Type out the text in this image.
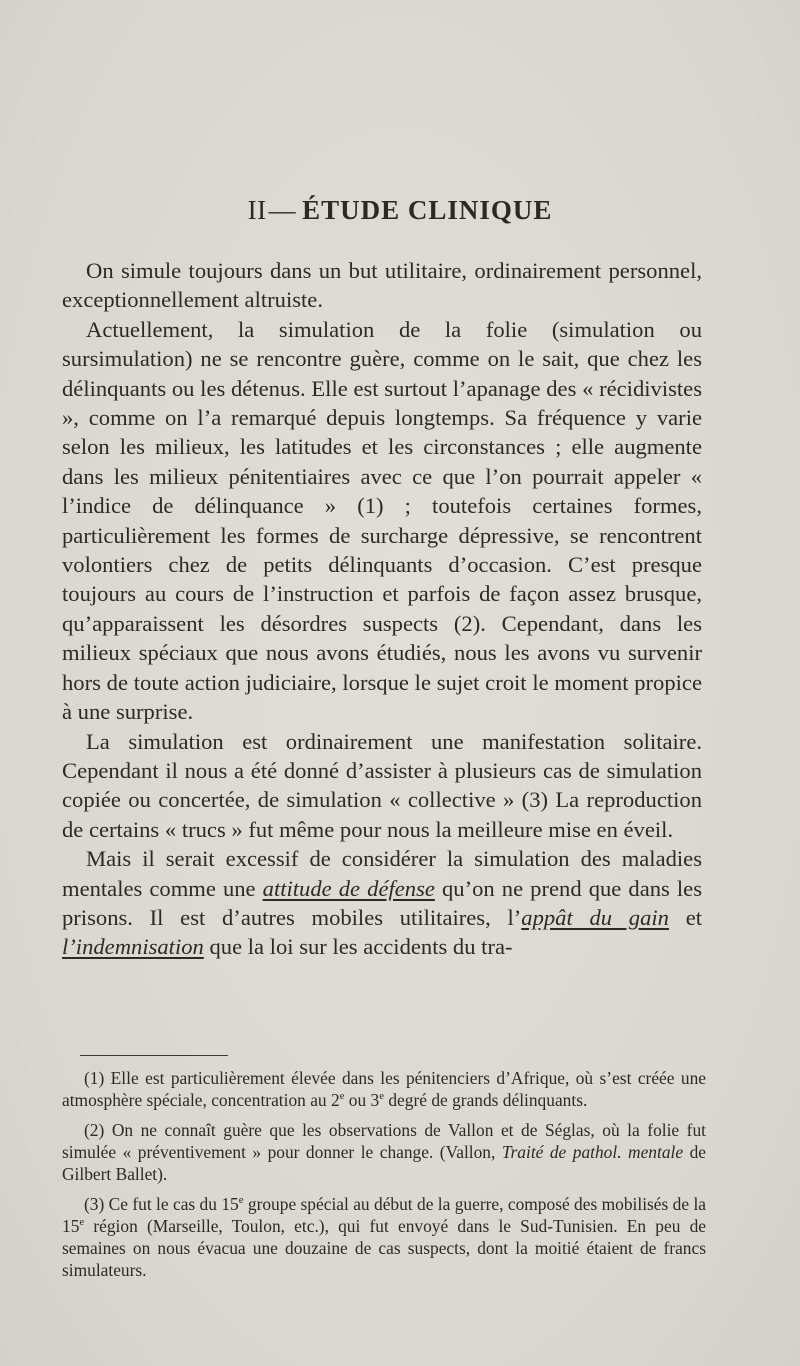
II— ÉTUDE CLINIQUE

On simule toujours dans un but utilitaire, ordinairement personnel, exceptionnellement altruiste.

Actuellement, la simulation de la folie (simulation ou sursimulation) ne se rencontre guère, comme on le sait, que chez les délinquants ou les détenus. Elle est surtout l’apanage des « récidivistes », comme on l’a remarqué depuis longtemps. Sa fréquence y varie selon les milieux, les latitudes et les circonstances ; elle augmente dans les milieux pénitentiaires avec ce que l’on pourrait appeler « l’indice de délinquance » (1) ; toutefois certaines formes, particulièrement les formes de surcharge dépressive, se rencontrent volontiers chez de petits délinquants d’occasion. C’est presque toujours au cours de l’instruction et parfois de façon assez brusque, qu’apparaissent les désordres suspects (2). Cependant, dans les milieux spéciaux que nous avons étudiés, nous les avons vu survenir hors de toute action judiciaire, lorsque le sujet croit le moment propice à une surprise.

La simulation est ordinairement une manifestation solitaire. Cependant il nous a été donné d’assister à plusieurs cas de simulation copiée ou concertée, de simulation « collective » (3) La reproduction de certains « trucs » fut même pour nous la meilleure mise en éveil.

Mais il serait excessif de considérer la simulation des maladies mentales comme une attitude de défense qu’on ne prend que dans les prisons. Il est d’autres mobiles utilitaires, l’appât du gain et l’indemnisation que la loi sur les accidents du tra-

(1) Elle est particulièrement élevée dans les pénitenciers d’Afrique, où s’est créée une atmosphère spéciale, concentration au 2e ou 3e degré de grands délinquants.

(2) On ne connaît guère que les observations de Vallon et de Séglas, où la folie fut simulée « préventivement » pour donner le change. (Vallon, Traité de pathol. mentale de Gilbert Ballet).

(3) Ce fut le cas du 15e groupe spécial au début de la guerre, composé des mobilisés de la 15e région (Marseille, Toulon, etc.), qui fut envoyé dans le Sud-Tunisien. En peu de semaines on nous évacua une douzaine de cas suspects, dont la moitié étaient de francs simulateurs.
